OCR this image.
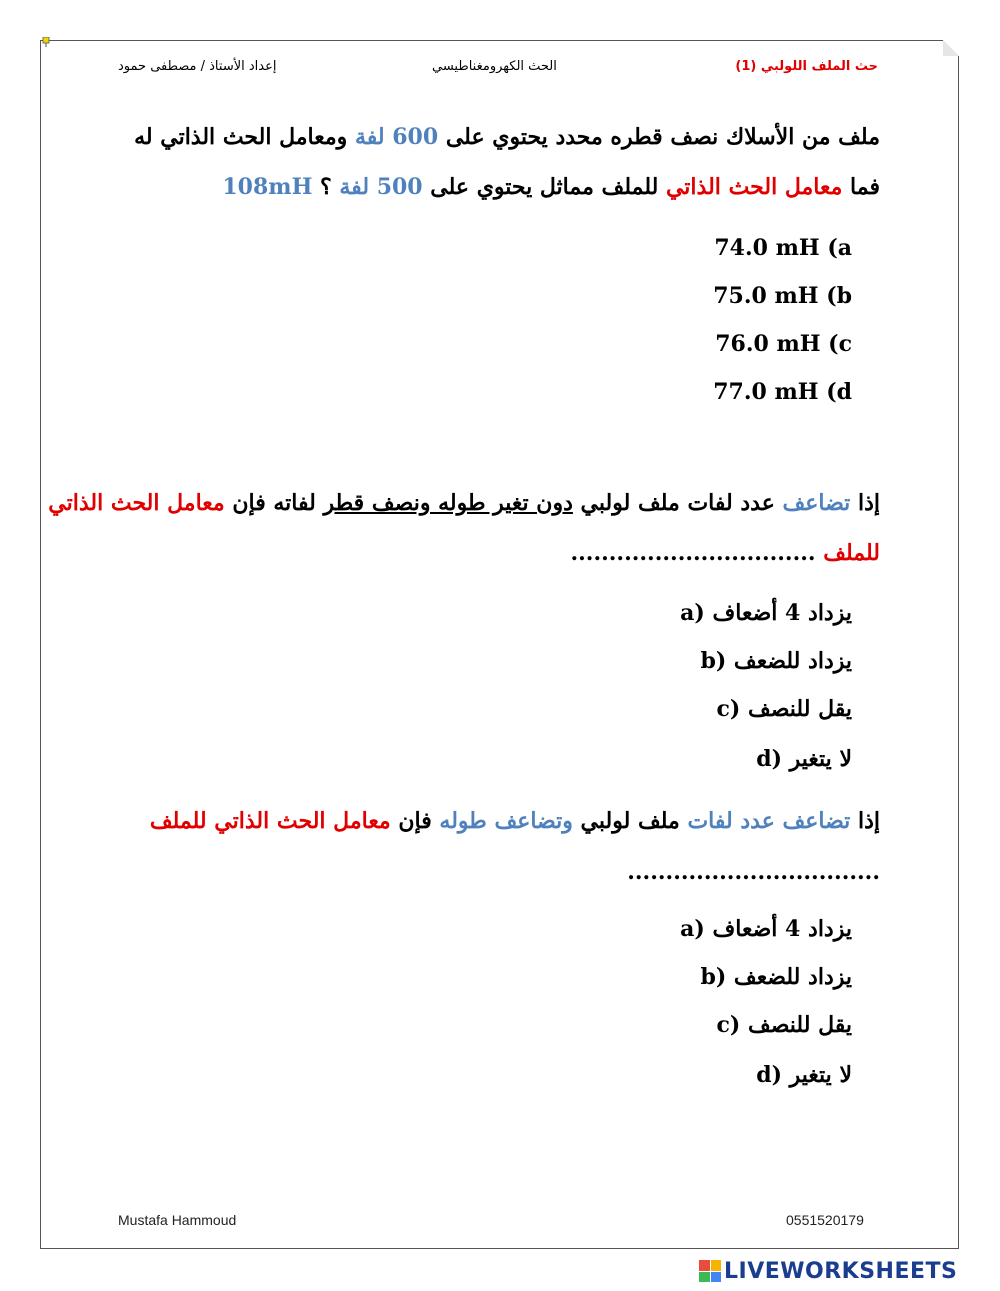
حث الملف اللولبي (1)
الحث الكهرومغناطيسي
إعداد الأستاذ / مصطفى حمود
ملف من الأسلاك نصف قطره محدد يحتوي على 600 لفة ومعامل الحث الذاتي له
108mH فما معامل الحث الذاتي للملف مماثل يحتوي على 500 لفة ؟
74.0 mH (a
75.0 mH (b
76.0 mH (c
77.0 mH (d
إذا تضاعف عدد لفات ملف لولبي دون تغير طوله ونصف قطر لفاته فإن معامل الحث الذاتي
للملف ................................
a) يزداد 4 أضعاف
b) يزداد للضعف
c) يقل للنصف
d) لا يتغير
إذا تضاعف عدد لفات ملف لولبي وتضاعف طوله فإن معامل الحث الذاتي للملف
.................................
a) يزداد 4 أضعاف
b) يزداد للضعف
c) يقل للنصف
d) لا يتغير
Mustafa Hammoud	0551520179
LIVEWORKSHEETS
